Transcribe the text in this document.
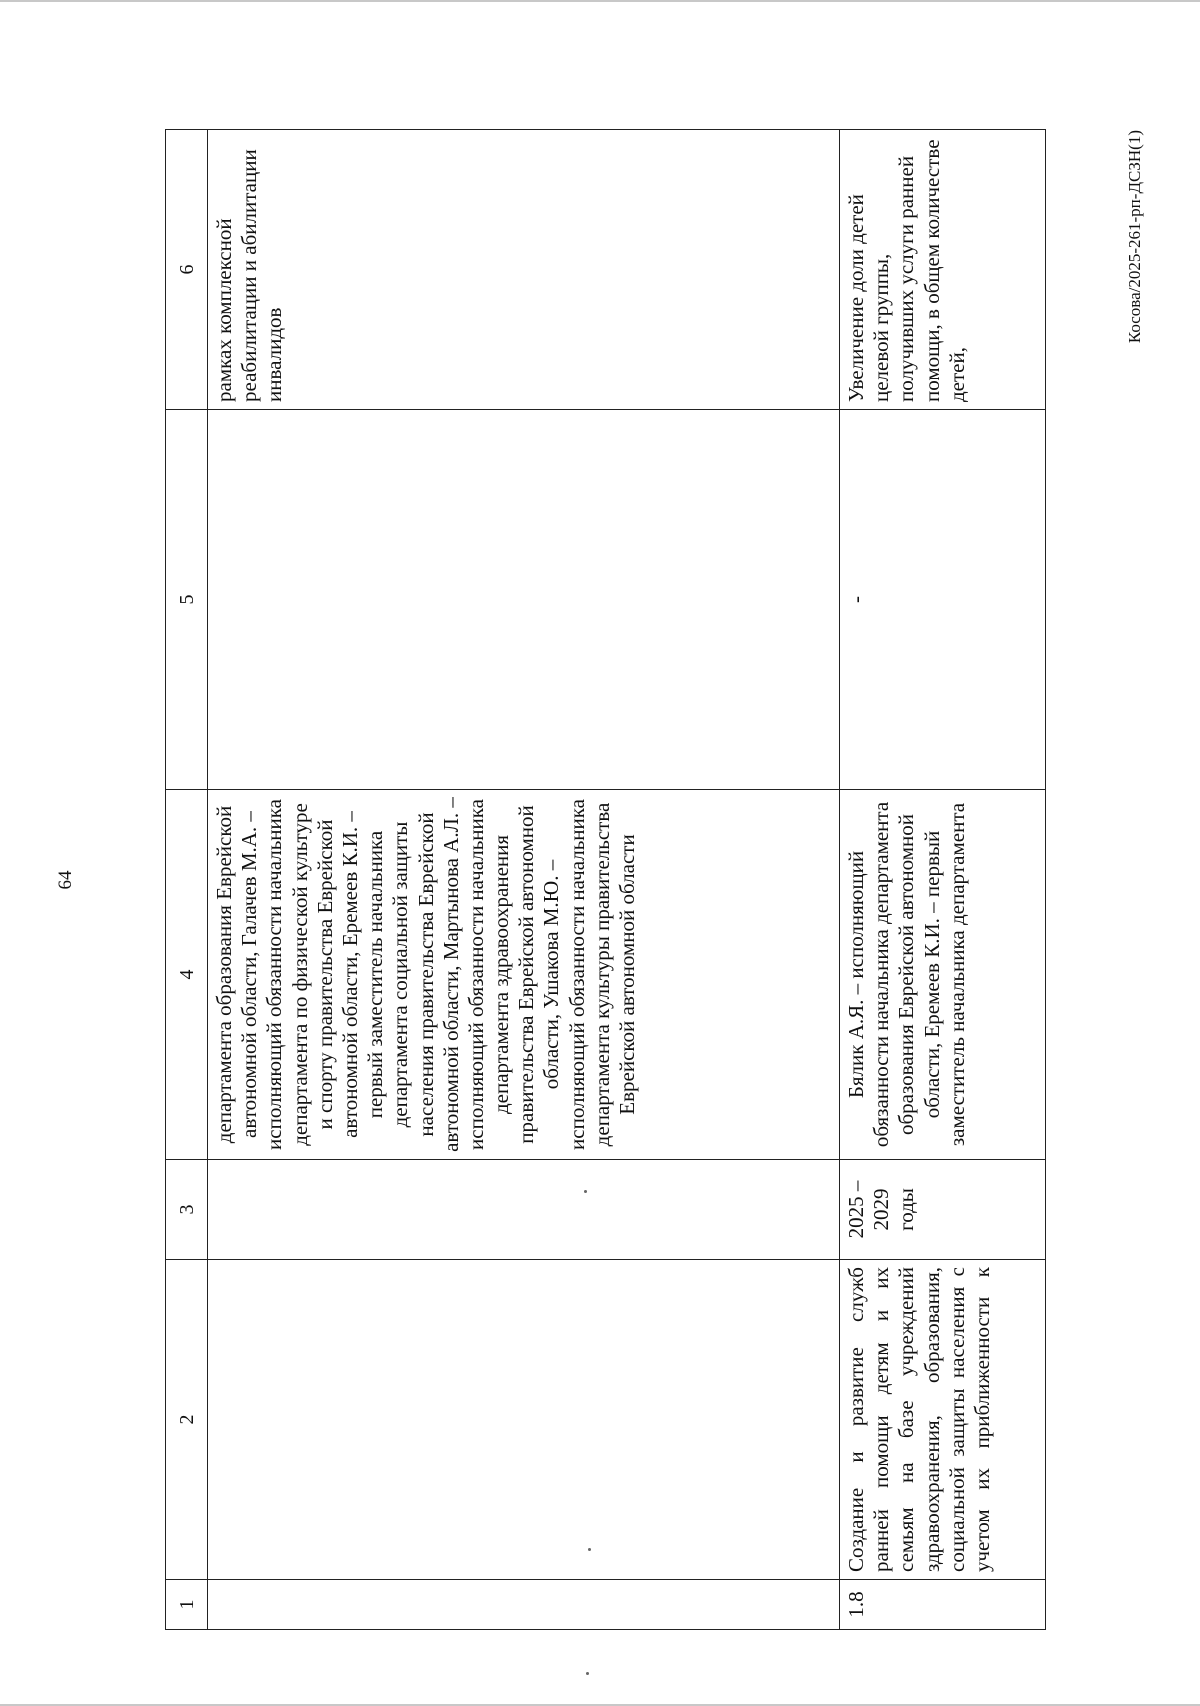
64
1	2	3	4	5	6
			департамента образования Еврейской автономной области, Галачев М.А. – исполняющий обязанности начальника департамента по физической культуре и спорту правительства Еврейской автономной области, Еремеев К.И. – первый заместитель начальника департамента социальной защиты населения правительства Еврейской автономной области, Мартынова А.Л. – исполняющий обязанности начальника департамента здравоохранения правительства Еврейской автономной области, Ушакова М.Ю. – исполняющий обязанности начальника департамента культуры правительства Еврейской автономной области		рамках комплексной реабилитации и абилитации инвалидов
1.8	Создание и развитие служб ранней помощи детям и их семьям на базе учреждений здравоохранения, образования, социальной защиты населения с учетом их приближенности к	2025 – 2029 годы	Бялик А.Я. – исполняющий обязанности начальника департамента образования Еврейской автономной области, Еремеев К.И. – первый заместитель начальника департамента	-	Увеличение доли детей целевой группы, получивших услуги ранней помощи, в общем количестве детей,
Косова/2025-261-рп-ДСЗН(1)
